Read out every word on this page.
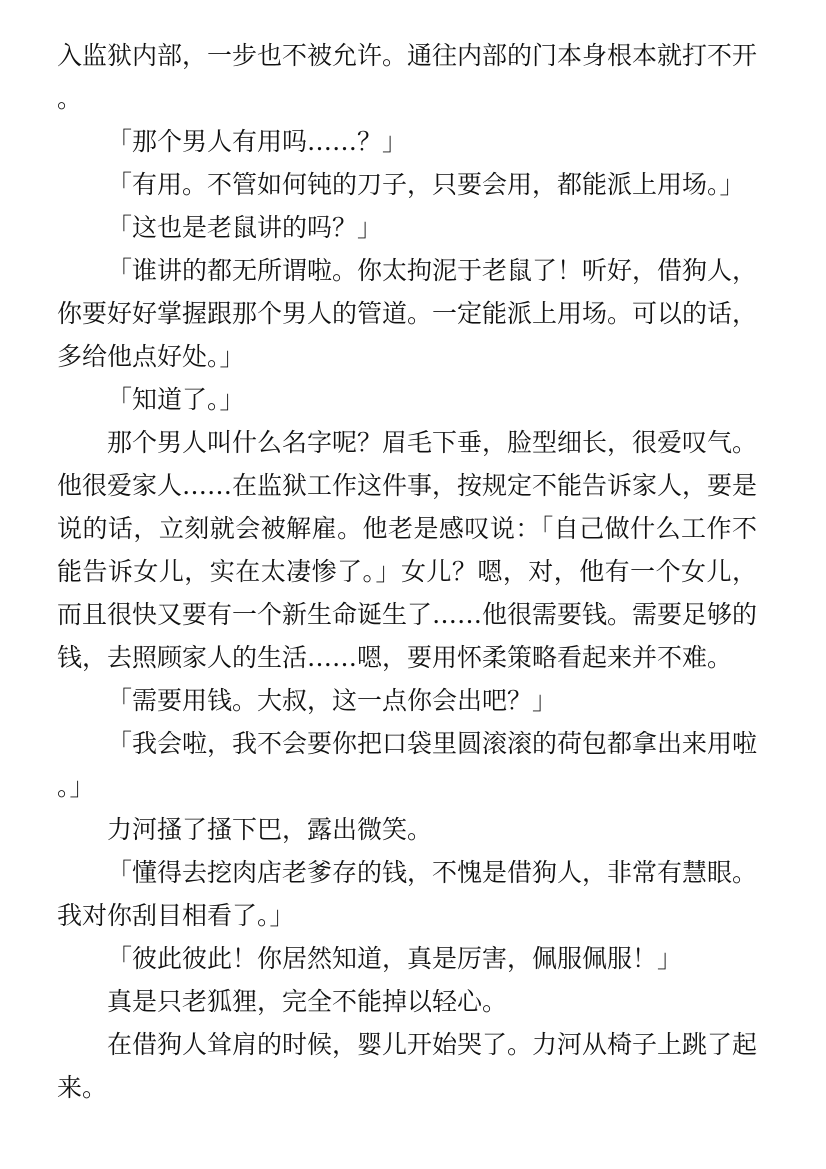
入监狱内部，一步也不被允许。通往内部的门本身根本就打不开。

「那个男人有用吗……？」

「有用。不管如何钝的刀子，只要会用，都能派上用场。」

「这也是老鼠讲的吗？」

「谁讲的都无所谓啦。你太拘泥于老鼠了！听好，借狗人，你要好好掌握跟那个男人的管道。一定能派上用场。可以的话，多给他点好处。」

「知道了。」

那个男人叫什么名字呢？眉毛下垂，脸型细长，很爱叹气。他很爱家人……在监狱工作这件事，按规定不能告诉家人，要是说的话，立刻就会被解雇。他老是感叹说：「自己做什么工作不能告诉女儿，实在太凄惨了。」女儿？嗯，对，他有一个女儿，而且很快又要有一个新生命诞生了……他很需要钱。需要足够的钱，去照顾家人的生活……嗯，要用怀柔策略看起来并不难。

「需要用钱。大叔，这一点你会出吧？」

「我会啦，我不会要你把口袋里圆滚滚的荷包都拿出来用啦。」

力河搔了搔下巴，露出微笑。

「懂得去挖肉店老爹存的钱，不愧是借狗人，非常有慧眼。我对你刮目相看了。」

「彼此彼此！你居然知道，真是厉害，佩服佩服！」

真是只老狐狸，完全不能掉以轻心。

在借狗人耸肩的时候，婴儿开始哭了。力河从椅子上跳了起来。
